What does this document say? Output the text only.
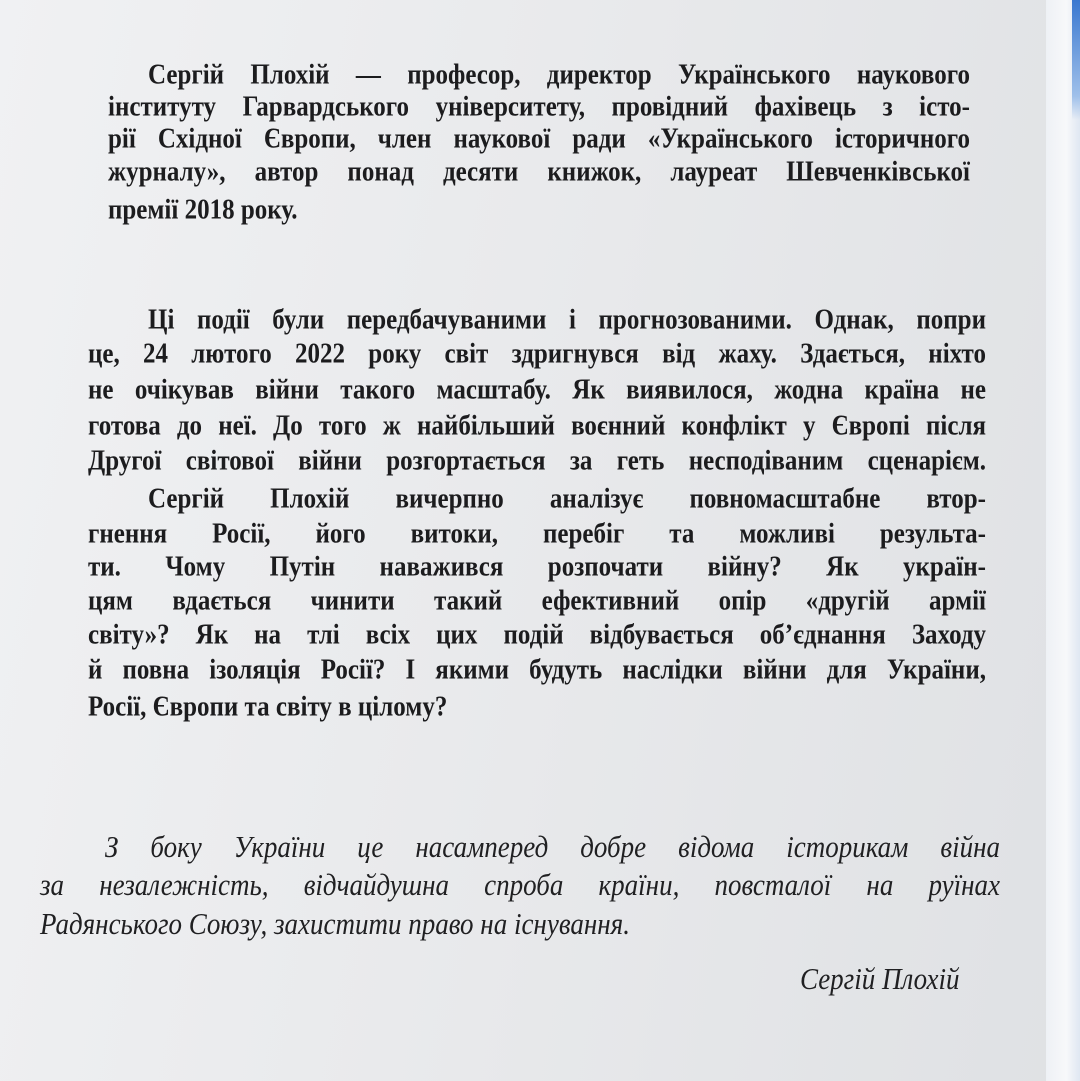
Сергій Плохій — професор, директор Українського наукового
інституту Гарвардського університету, провідний фахівець з істо-
рії Східної Європи, член наукової ради «Українського історичного
журналу», автор понад десяти книжок, лауреат Шевченківської
премії 2018 року.
Ці події були передбачуваними і прогнозованими. Однак, попри
це, 24 лютого 2022 року світ здригнувся від жаху. Здається, ніхто
не очікував війни такого масштабу. Як виявилося, жодна країна не
готова до неї. До того ж найбільший воєнний конфлікт у Європі після
Другої світової війни розгортається за геть несподіваним сценарієм.
Сергій Плохій вичерпно аналізує повномасштабне втор-
гнення Росії, його витоки, перебіг та можливі результа-
ти. Чому Путін наважився розпочати війну? Як україн-
цям вдається чинити такий ефективний опір «другій армії
світу»? Як на тлі всіх цих подій відбувається об’єднання Заходу
й повна ізоляція Росії? І якими будуть наслідки війни для України,
Росії, Європи та світу в цілому?
З боку України це насамперед добре відома історикам війна
за незалежність, відчайдушна спроба країни, повсталої на руїнах
Радянського Союзу, захистити право на існування.
Сергій Плохій
